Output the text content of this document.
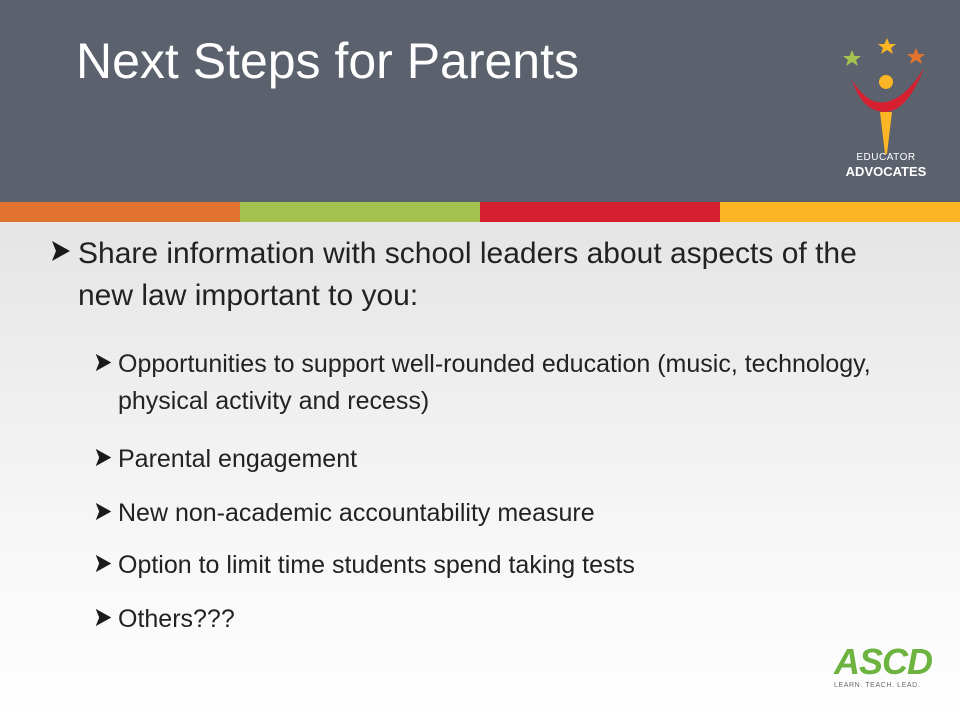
Next Steps for Parents
EDUCATOR
ADVOCATES
Share information with school leaders about aspects of the new law important to you:
Opportunities to support well-rounded education (music, technology, physical activity and recess)
Parental engagement
New non-academic accountability measure
Option to limit time students spend taking tests
Others???
ASCD
LEARN. TEACH. LEAD.
